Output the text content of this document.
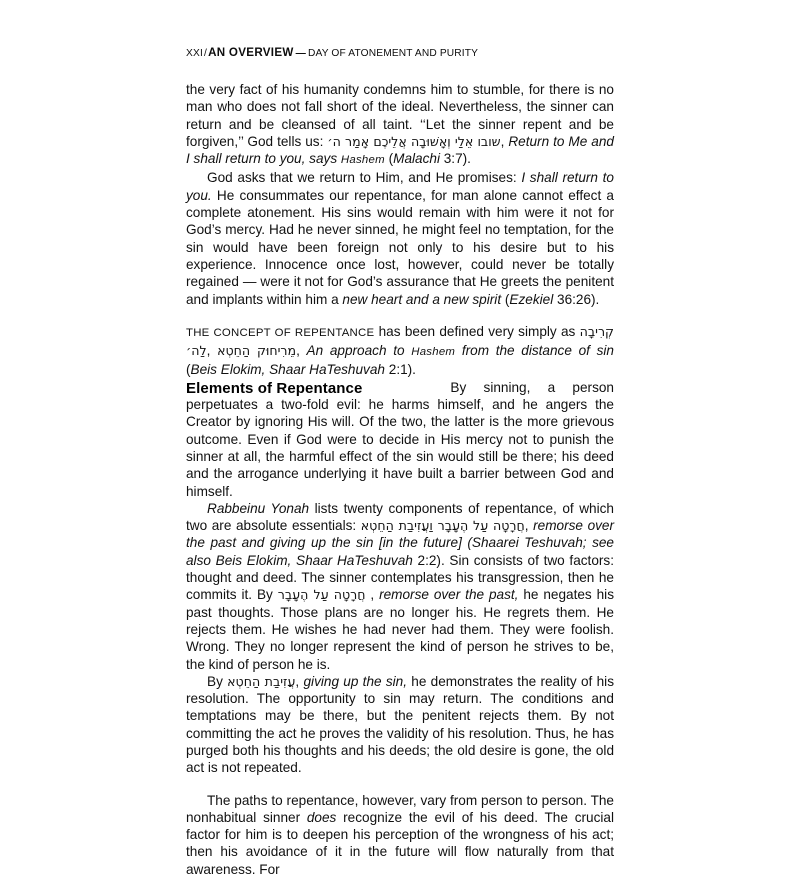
XXI/AN OVERVIEW — DAY OF ATONEMENT AND PURITY

the very fact of his humanity condemns him to stumble, for there is no man who does not fall short of the ideal. Nevertheless, the sinner can return and be cleansed of all taint. ‘‘Let the sinner repent and be forgiven,’’ God tells us: שובו אֵלַי וְאָשׁוּבָה אֲלֵיכֶם אָמַר ה׳, Return to Me and I shall return to you, says Hashem (Malachi 3:7).

God asks that we return to Him, and He promises: I shall return to you. He consummates our repentance, for man alone cannot effect a complete atonement. His sins would remain with him were it not for God’s mercy. Had he never sinned, he might feel no temptation, for the sin would have been foreign not only to his desire but to his experience. Innocence once lost, however, could never be totally regained — were it not for God’s assurance that He greets the penitent and implants within him a new heart and a new spirit (Ezekiel 36:26).

THE CONCEPT OF REPENTANCE has been defined very simply as קְרִיבָה לַה׳, מֵרִיחוּק הַחֵטְא, An approach to Hashem from the distance of sin (Beis Elokim, Shaar HaTeshuvah 2:1).

Elements of Repentance	By sinning, a person perpetuates a two-fold evil: he harms himself, and he angers the Creator by ignoring His will. Of the two, the latter is the more grievous outcome. Even if God were to decide in His mercy not to punish the sinner at all, the harmful effect of the sin would still be there; his deed and the arrogance underlying it have built a barrier between God and himself.

Rabbeinu Yonah lists twenty components of repentance, of which two are absolute essentials: חֲרָטָה עַל הֶעָבָר וַעֲזִיבַת הַחֵטְא, remorse over the past and giving up the sin [in the future] (Shaarei Teshuvah; see also Beis Elokim, Shaar HaTeshuvah 2:2). Sin consists of two factors: thought and deed. The sinner contemplates his transgression, then he commits it. By חֲרָטָה עַל הֶעָבָר , remorse over the past, he negates his past thoughts. Those plans are no longer his. He regrets them. He rejects them. He wishes he had never had them. They were foolish. Wrong. They no longer represent the kind of person he strives to be, the kind of person he is.

By עֲזִיבַת הַחֵטְא, giving up the sin, he demonstrates the reality of his resolution. The opportunity to sin may return. The conditions and temptations may be there, but the penitent rejects them. By not committing the act he proves the validity of his resolution. Thus, he has purged both his thoughts and his deeds; the old desire is gone, the old act is not repeated.

The paths to repentance, however, vary from person to person. The nonhabitual sinner does recognize the evil of his deed. The crucial factor for him is to deepen his perception of the wrongness of his act; then his avoidance of it in the future will flow naturally from that awareness. For
